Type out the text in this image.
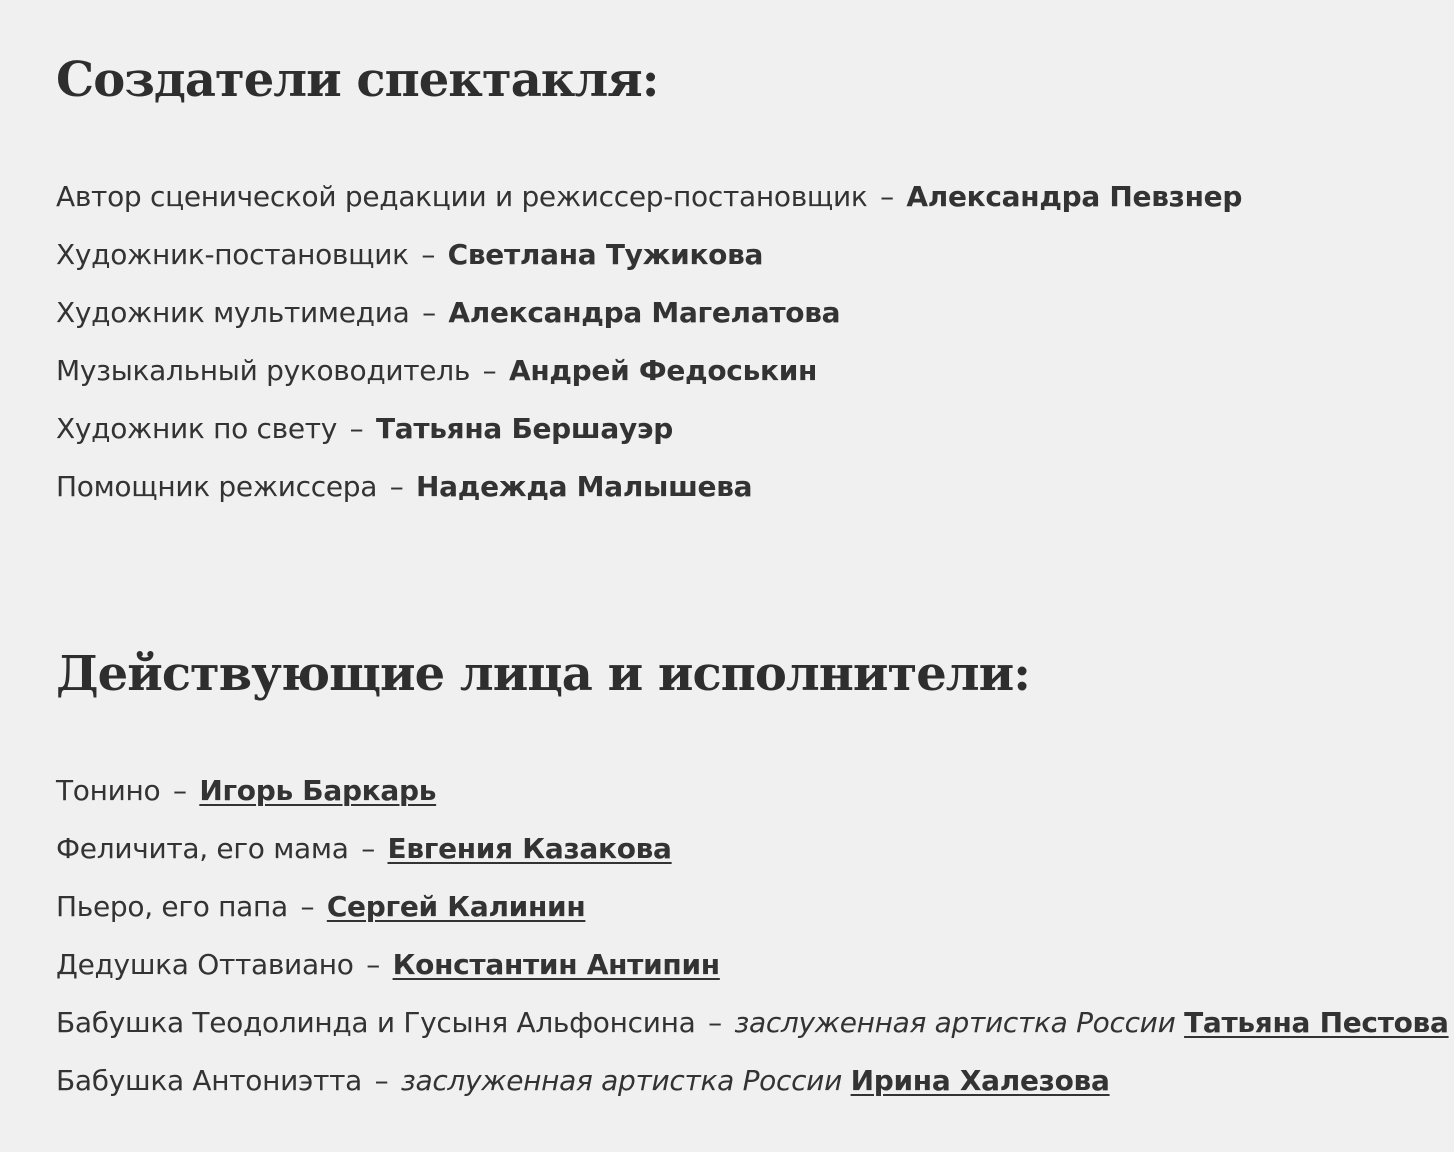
Создатели спектакля:
Автор сценической редакции и режиссер-постановщик – Александра Певзнер
Художник-постановщик – Светлана Тужикова
Художник мультимедиа – Александра Магелатова
Музыкальный руководитель – Андрей Федоськин
Художник по свету – Татьяна Бершауэр
Помощник режиссера – Надежда Малышева
Действующие лица и исполнители:
Тонино – Игорь Баркарь
Феличита, его мама – Евгения Казакова
Пьеро, его папа – Сергей Калинин
Дедушка Оттавиано – Константин Антипин
Бабушка Теодолинда и Гусыня Альфонсина – заслуженная артистка России Татьяна Пестова
Бабушка Антониэтта – заслуженная артистка России Ирина Халезова
